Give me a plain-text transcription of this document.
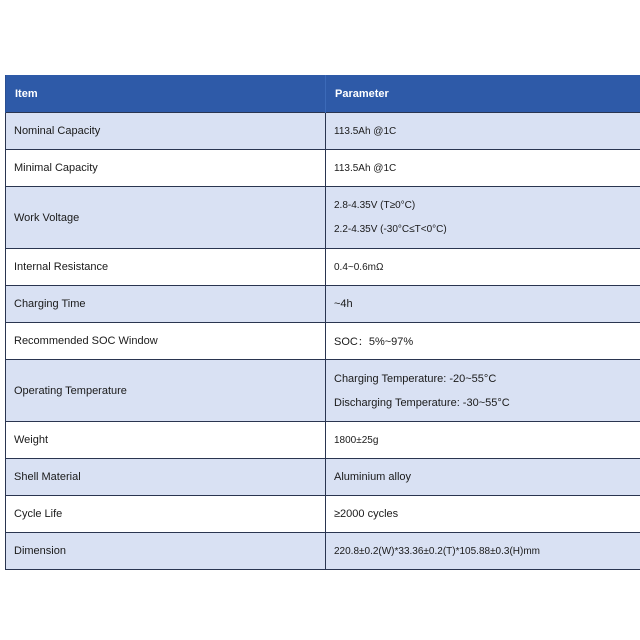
Item	Parameter
Nominal Capacity	113.5Ah @1C
Minimal Capacity	113.5Ah @1C
Work Voltage	2.8-4.35V (T≥0°C)
2.2-4.35V (-30°C≤T<0°C)

Internal Resistance	0.4~0.6mΩ
Charging Time	~4h
Recommended SOC Window	SOC：5%~97%
Operating Temperature	Charging Temperature: -20~55°C
Discharging Temperature: -30~55°C

Weight	1800±25g
Shell Material	Aluminium alloy
Cycle Life	≥2000 cycles
Dimension	220.8±0.2(W)*33.36±0.2(T)*105.88±0.3(H)mm
